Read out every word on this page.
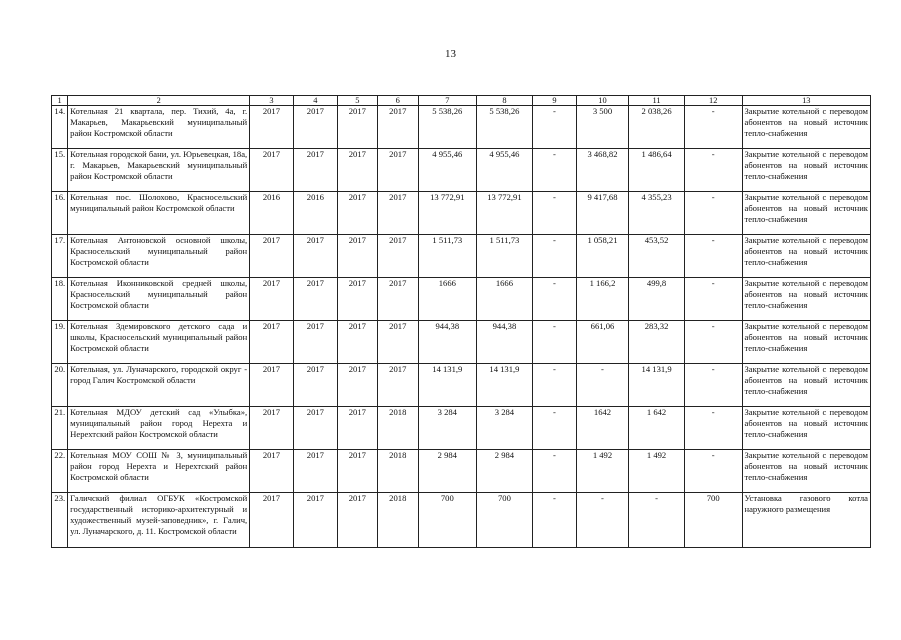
13
1	2	3	4	5	6	7	8	9	10	11	12	13
14.	Котельная 21 квартала, пер. Тихий, 4а, г. Макарьев, Макарьевский муниципальный район Костромской области	2017	2017	2017	2017	5 538,26	5 538,26	-	3 500	2 038,26	-	Закрытие котельной с переводом абонентов на новый источник тепло-снабжения
15.	Котельная городской бани, ул. Юрьевецкая, 18а, г. Макарьев, Макарьевский муниципальный район Костромской области	2017	2017	2017	2017	4 955,46	4 955,46	-	3 468,82	1 486,64	-	Закрытие котельной с переводом абонентов на новый источник тепло-снабжения
16.	Котельная пос. Шолохово, Красносельский муниципальный район Костромской области	2016	2016	2017	2017	13 772,91	13 772,91	-	9 417,68	4 355,23	-	Закрытие котельной с переводом абонентов на новый источник тепло-снабжения
17.	Котельная Антоновской основной школы, Красносельский муниципальный район Костромской области	2017	2017	2017	2017	1 511,73	1 511,73	-	1 058,21	453,52	-	Закрытие котельной с переводом абонентов на новый источник тепло-снабжения
18.	Котельная Иконниковской средней школы, Красносельский муниципальный район Костромской области	2017	2017	2017	2017	1666	1666	-	1 166,2	499,8	-	Закрытие котельной с переводом абонентов на новый источник тепло-снабжения
19.	Котельная Здемировского детского сада и школы, Красносельский муниципальный район Костромской области	2017	2017	2017	2017	944,38	944,38	-	661,06	283,32	-	Закрытие котельной с переводом абонентов на новый источник тепло-снабжения
20.	Котельная, ул. Луначарского, городской округ - город Галич Костромской области	2017	2017	2017	2017	14 131,9	14 131,9	-	-	14 131,9	-	Закрытие котельной с переводом абонентов на новый источник тепло-снабжения
21.	Котельная МДОУ детский сад «Улыбка», муниципальный район город Нерехта и Нерехтский район Костромской области	2017	2017	2017	2018	3 284	3 284	-	1642	1 642	-	Закрытие котельной с переводом абонентов на новый источник тепло-снабжения
22.	Котельная МОУ СОШ № 3, муниципальный район город Нерехта и Нерехтский район Костромской области	2017	2017	2017	2018	2 984	2 984	-	1 492	1 492	-	Закрытие котельной с переводом абонентов на новый источник тепло-снабжения
23.	Галичский филиал ОГБУК «Костромской государственный историко-архитектурный и художественный музей-заповедник», г. Галич, ул. Луначарского, д. 11. Костромской области	2017	2017	2017	2018	700	700	-	-	-	700	Установка газового котла наружного размещения
